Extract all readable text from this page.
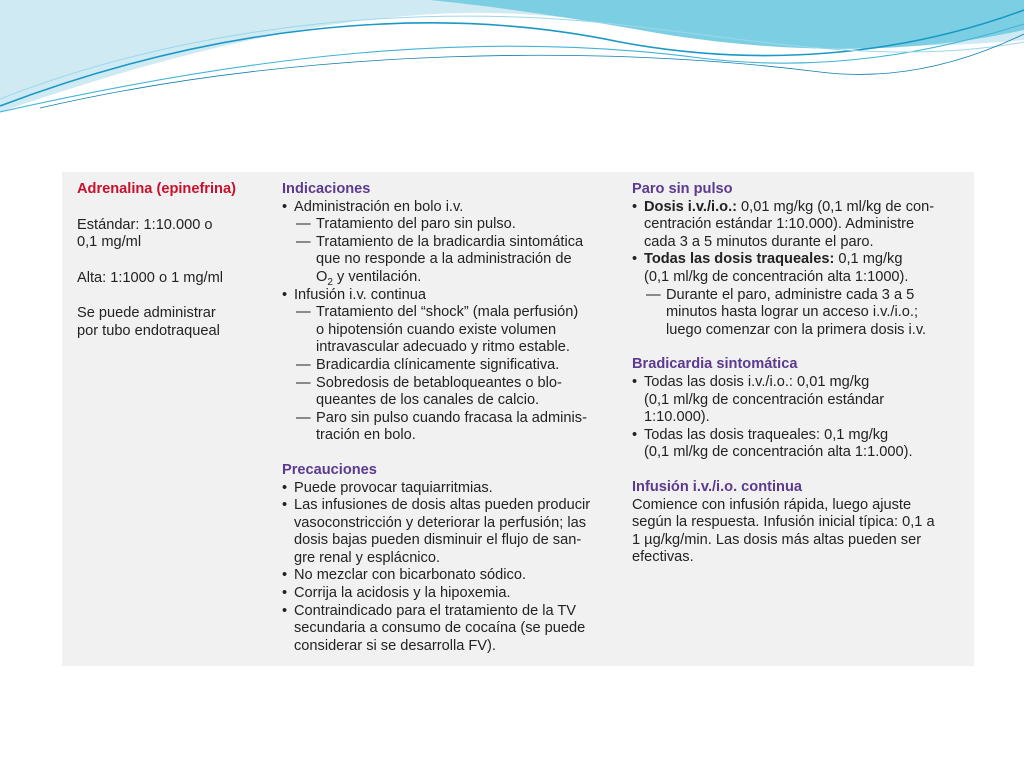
Adrenalina (epinefrina)
Estándar: 1:10.000 o
0,1 mg/ml
Alta: 1:1000 o 1 mg/ml
Se puede administrar
por tubo endotraqueal
Indicaciones
• Administración en bolo i.v.
— Tratamiento del paro sin pulso.
— Tratamiento de la bradicardia sintomática
que no responde a la administración de
$O_2$ y ventilación.
• Infusión i.v. continua
— Tratamiento del “shock” (mala perfusión)
o hipotensión cuando existe volumen
intravascular adecuado y ritmo estable.
— Bradicardia clínicamente significativa.
— Sobredosis de betabloqueantes o blo-
queantes de los canales de calcio.
— Paro sin pulso cuando fracasa la adminis-
tración en bolo.
Precauciones
• Puede provocar taquiarritmias.
• Las infusiones de dosis altas pueden producir
vasoconstricción y deteriorar la perfusión; las
dosis bajas pueden disminuir el flujo de san-
gre renal y esplácnico.
• No mezclar con bicarbonato sódico.
• Corrija la acidosis y la hipoxemia.
• Contraindicado para el tratamiento de la TV
secundaria a consumo de cocaína (se puede
considerar si se desarrolla FV).
Paro sin pulso
• Dosis i.v./i.o.: 0,01 mg/kg (0,1 ml/kg de con-
centración estándar 1:10.000). Administre
cada 3 a 5 minutos durante el paro.
• Todas las dosis traqueales: 0,1 mg/kg
(0,1 ml/kg de concentración alta 1:1000).
— Durante el paro, administre cada 3 a 5
minutos hasta lograr un acceso i.v./i.o.;
luego comenzar con la primera dosis i.v.
Bradicardia sintomática
• Todas las dosis i.v./i.o.: 0,01 mg/kg
(0,1 ml/kg de concentración estándar
1:10.000).
• Todas las dosis traqueales: 0,1 mg/kg
(0,1 ml/kg de concentración alta 1:1.000).
Infusión i.v./i.o. continua
Comience con infusión rápida, luego ajuste
según la respuesta. Infusión inicial típica: 0,1 a
1 µg/kg/min. Las dosis más altas pueden ser
efectivas.
